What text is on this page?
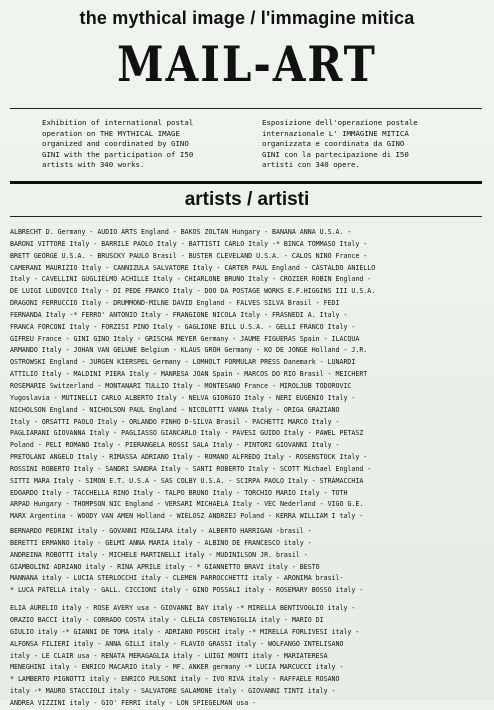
the mythical image / l'immagine mitica
MAIL-ART
Exhibition of international postal
operation on THE MYTHICAL IMAGE
organized and coordinated by GINO
GINI with the participation of I50
artists with 340 works.
Esposizione dell'operazione postale
internazionale L' IMMAGINE MITICA
organizzata e coordinata da GINO
GINI con la partecipazione di I50
artisti con 340 opere.
artists / artisti
ALBRECHT D. Germany - AUDIO ARTS England - BAKOS ZOLTAN Hungary - BANANA ANNA U.S.A. -
BARONI VITTORE Italy - BARRILE PAOLO Italy - BATTISTI CARLO Italy -* BINCA TOMMASO Italy -
BRETT GEORGE U.S.A. - BRUSCKY PAULO Brasil - BUSTER CLEVELAND U.S.A. - CALOS NINO France -
CAMERANI MAURIZIO Italy - CANNIZULA SALVATORE Italy - CARTER PAUL England - CASTALDO ANIELLO
Italy - CAVELLINI GUGLIELMO ACHILLE Italy - CHIARLONE BRUNO Italy - CROZIER ROBIN England -
DE LUIGI LUDOVICO Italy - DI PEDE FRANCO Italy - DOO DA POSTAGE WORKS E.F.HIGGINS III U.S.A.
DRAGONI FERRUCCIO Italy - DRUMMOND-MILNE DAVID England - FALVES SILVA Brasil - FEDI
FERNANDA Italy -* FERRO' ANTONIO Italy - FRANGIONE NICOLA Italy - FRASNEDI A. Italy -
FRANCA FORCONI Italy - FORZISI PINO Italy - GAGLIONE BILL U.S.A. - GELLI FRANCO Italy -
GIFREU France - GINI GINO Italy - GRISCHA MEYER Germany - JAUME FIGUERAS Spain - ILACQUA
ARMANDO Italy - JOHAN VAN GELUWE Belgium - KLAUS GROH Germany - KO DE JONGE Holland - J.R.
OSTROWSKI England - JURGEN KIERSPEL Germany - LOMHOLT FORMULAR PRESS Danemark - LUNARDI
ATTILIO Italy - MALDINI PIERA Italy - MANRESA JOAN Spain - MARCOS DO RIO Brasil - MEICHERT
ROSEMARIE Switzerland - MONTANARI TULLIO Italy - MONTESANO France - MIROLJUB TODOROVIC
Yugoslavia - MUTINELLI CARLO ALBERTO Italy - NELVA GIORGIO Italy - NERI EUGENIO Italy -
NICHOLSON England - NICHOLSON PAUL England - NICOLOTTI VANNA Italy - ORIGA GRAZIANO
Italy - ORSATTI PAOLO Italy - ORLANDO FINHO D-SILVA Brasil - PACHETTI MARCO Italy -
PAGLIARANI GIOVANNA Italy - PAGLIASSO GIANCARLO Italy - PAVESI GUIDO Italy - PAWEL PETASZ
Poland - PELI ROMANO Italy - PIERANGELA ROSSI SALA Italy - PINTORI GIOVANNI Italy -
PRETOLANI ANGELO Italy - RIMASSA ADRIANO Italy - ROMANO ALFREDO Italy - ROSENSTOCK Italy -
ROSSINI ROBERTO Italy - SANDRI SANDRA Italy - SANTI ROBERTO Italy - SCOTT Michael England -
SITTI MARA Italy - SIMON E.T. U.S.A - SAS COLBY U.S.A. - SCIRPA PAOLO Italy - STRAMACCHIA
EDOARDO Italy - TACCHELLA RINO Italy - TALPO BRUNO Italy - TORCHIO MARIO Italy - TOTH
ARPAD Hungary - THOMPSON NIC England - VERSARI MICHAELA Italy - VEC Nederland - VIGO G.E.
MARX Argentina - WOODY VAN AMEN Holland - WIELOSZ ANDRZEJ Poland - KERRA WILLIAM I taly -
BERNARDO PEDRINI italy - GOVANNI MIGLIARA italy - ALBERTO HARRIGAN -brasil -
BERETTI ERMANNO italy - GELMI ANNA MARIA italy - ALBINO DE FRANCESCO italy -
ANDREINA ROBOTTI italy - MICHELE MARTINELLI italy - MUDINILSON JR. brasil -
GIAMBOLINI ADRIANO italy - RINA APRILE italy - * GIANNETTO BRAVI italy - BESTO
MANNANA italy - LUCIA STERLOCCHI italy - CLEMEN PARROCCHETTI italy - ARONIMA brasil-
* LUCA PATELLA italy - GALL. CICCIONI italy - GINO POSSALI italy - ROSEMARY BOSSO italy -
ELIA AURELIO italy - ROSE AVERY usa - GIOVANNI BAY italy -* MIRELLA BENTIVOGLIO italy -
ORAZIO BACCI italy - CORRADO COSTA italy - CLELIA COSTENGIGLIA italy - MARIO DI
GIULIO italy -* GIANNI DE TOMA italy - ADRIANO POSCHI italy -* MIRELLA FORLIVESI italy -
ALFONSA FILIERI italy - ANNA GILLI italy - FLAVIO GRASSI italy - WOLFANGO INTELISANO
italy - LE CLAIR usa - RENATA MERAGAGLIA italy - LUIGI MONTI italy - MARIATERESA
MENEGHINI italy - ENRICO MACARIO italy - MF. ANKER germany -* LUCIA MARCUCCI italy -
* LAMBERTO PIGNOTTI italy - ENRICO PULSONI italy - IVO RIVA italy - RAFFAELE ROSANO
italy -* MAURO STACCIOLI italy - SALVATORE SALAMONE italy - GIOVANNI TINTI italy -
ANDREA VIZZINI italy - GIO' FERRI italy - LON SPIEGELMAN usa -
